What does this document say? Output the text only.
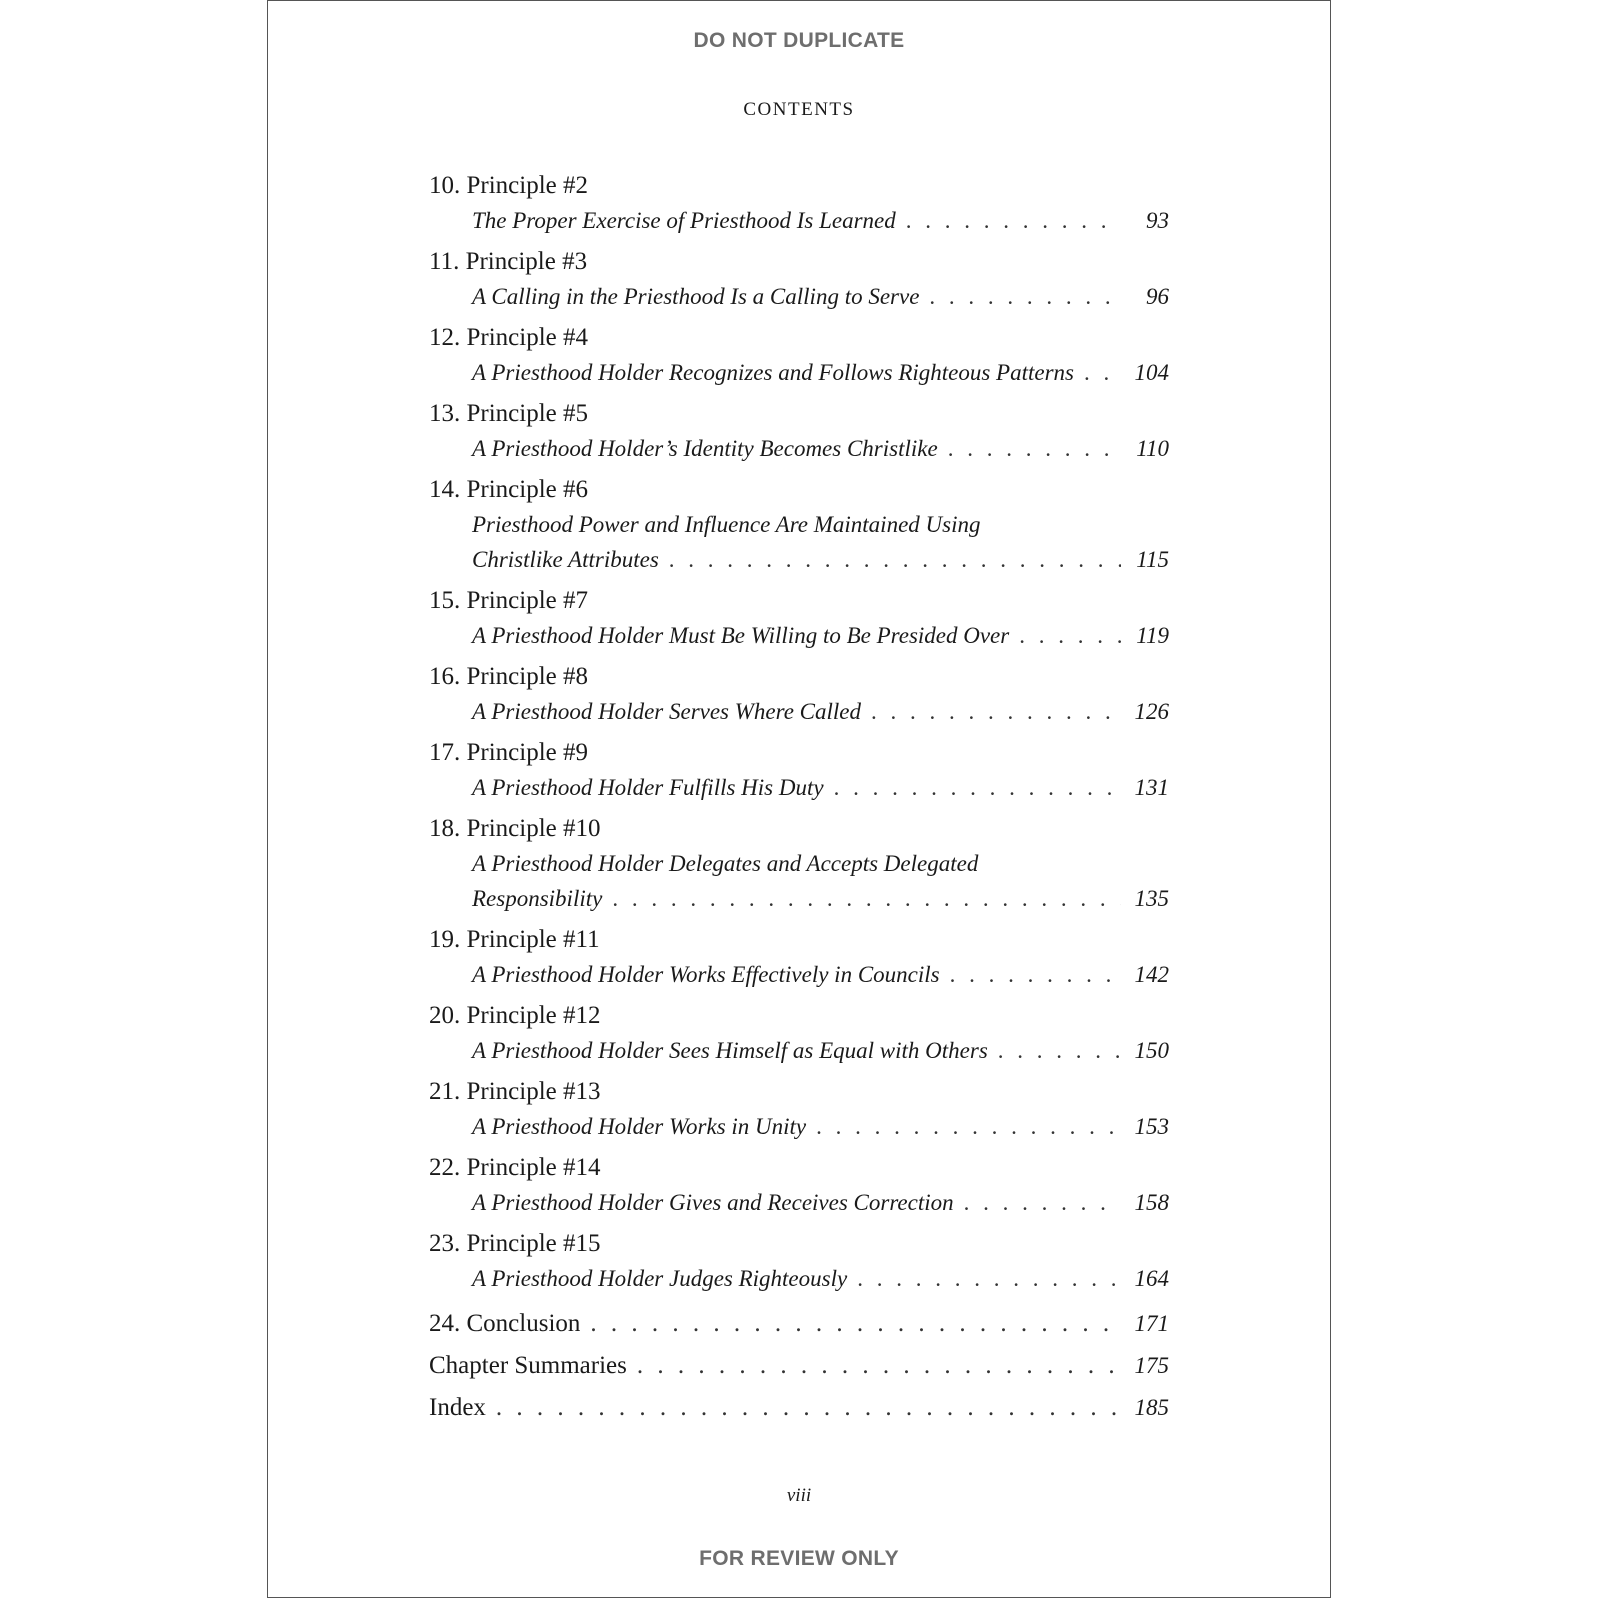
DO NOT DUPLICATE
CONTENTS
10. Principle #2
The Proper Exercise of Priesthood Is Learned . . .	93
11. Principle #3
A Calling in the Priesthood Is a Calling to Serve . . .	96
12. Principle #4
A Priesthood Holder Recognizes and Follows Righteous Patterns . . .	104
13. Principle #5
A Priesthood Holder’s Identity Becomes Christlike . . .	110
14. Principle #6
Priesthood Power and Influence Are Maintained Using
Christlike Attributes . . .	115
15. Principle #7
A Priesthood Holder Must Be Willing to Be Presided Over . . .	119
16. Principle #8
A Priesthood Holder Serves Where Called . . .	126
17. Principle #9
A Priesthood Holder Fulfills His Duty . . .	131
18. Principle #10
A Priesthood Holder Delegates and Accepts Delegated
Responsibility . . .	135
19. Principle #11
A Priesthood Holder Works Effectively in Councils . . .	142
20. Principle #12
A Priesthood Holder Sees Himself as Equal with Others . . .	150
21. Principle #13
A Priesthood Holder Works in Unity . . .	153
22. Principle #14
A Priesthood Holder Gives and Receives Correction . . .	158
23. Principle #15
A Priesthood Holder Judges Righteously . . .	164
24. Conclusion . . .	171
Chapter Summaries . . .	175
Index . . .	185
viii
FOR REVIEW ONLY
